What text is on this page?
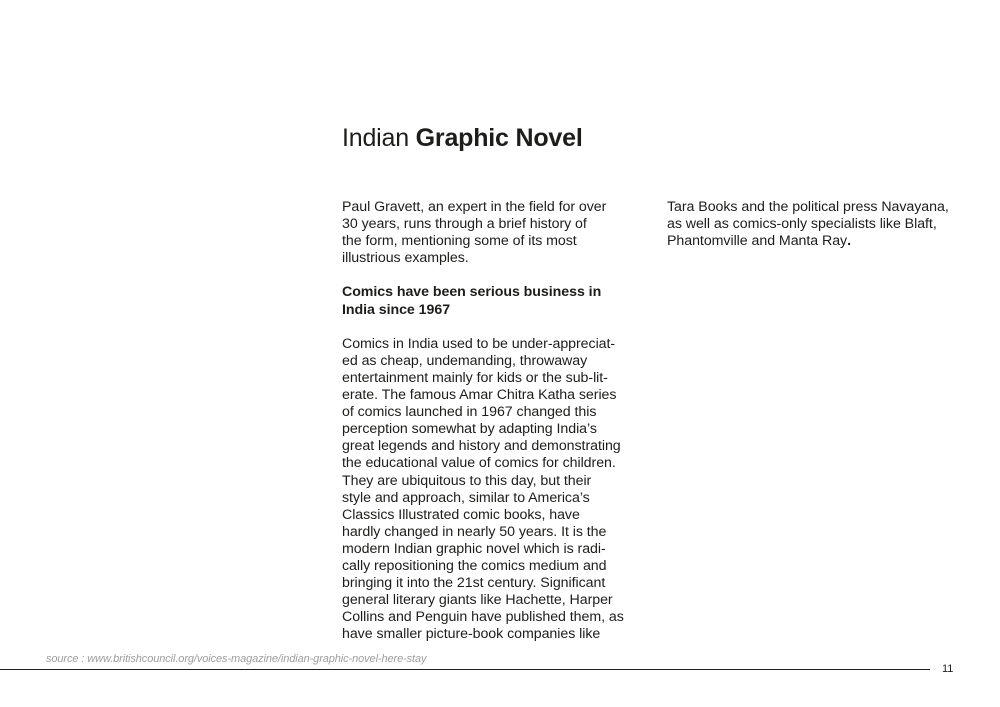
Indian Graphic Novel
Paul Gravett, an expert in the field for over
30 years, runs through a brief history of
the form, mentioning some of its most
illustrious examples.
Comics have been serious business in
India since 1967
Comics in India used to be under-appreciat-
ed as cheap, undemanding, throwaway
entertainment mainly for kids or the sub-lit-
erate. The famous Amar Chitra Katha series
of comics launched in 1967 changed this
perception somewhat by adapting India’s
great legends and history and demonstrating
the educational value of comics for children.
They are ubiquitous to this day, but their
style and approach, similar to America’s
Classics Illustrated comic books, have
hardly changed in nearly 50 years. It is the
modern Indian graphic novel which is radi-
cally repositioning the comics medium and
bringing it into the 21st century. Significant
general literary giants like Hachette, Harper
Collins and Penguin have published them, as
have smaller picture-book companies like
Tara Books and the political press Navayana,
as well as comics-only specialists like Blaft,
Phantomville and Manta Ray.
source : www.britishcouncil.org/voices-magazine/indian-graphic-novel-here-stay
11
